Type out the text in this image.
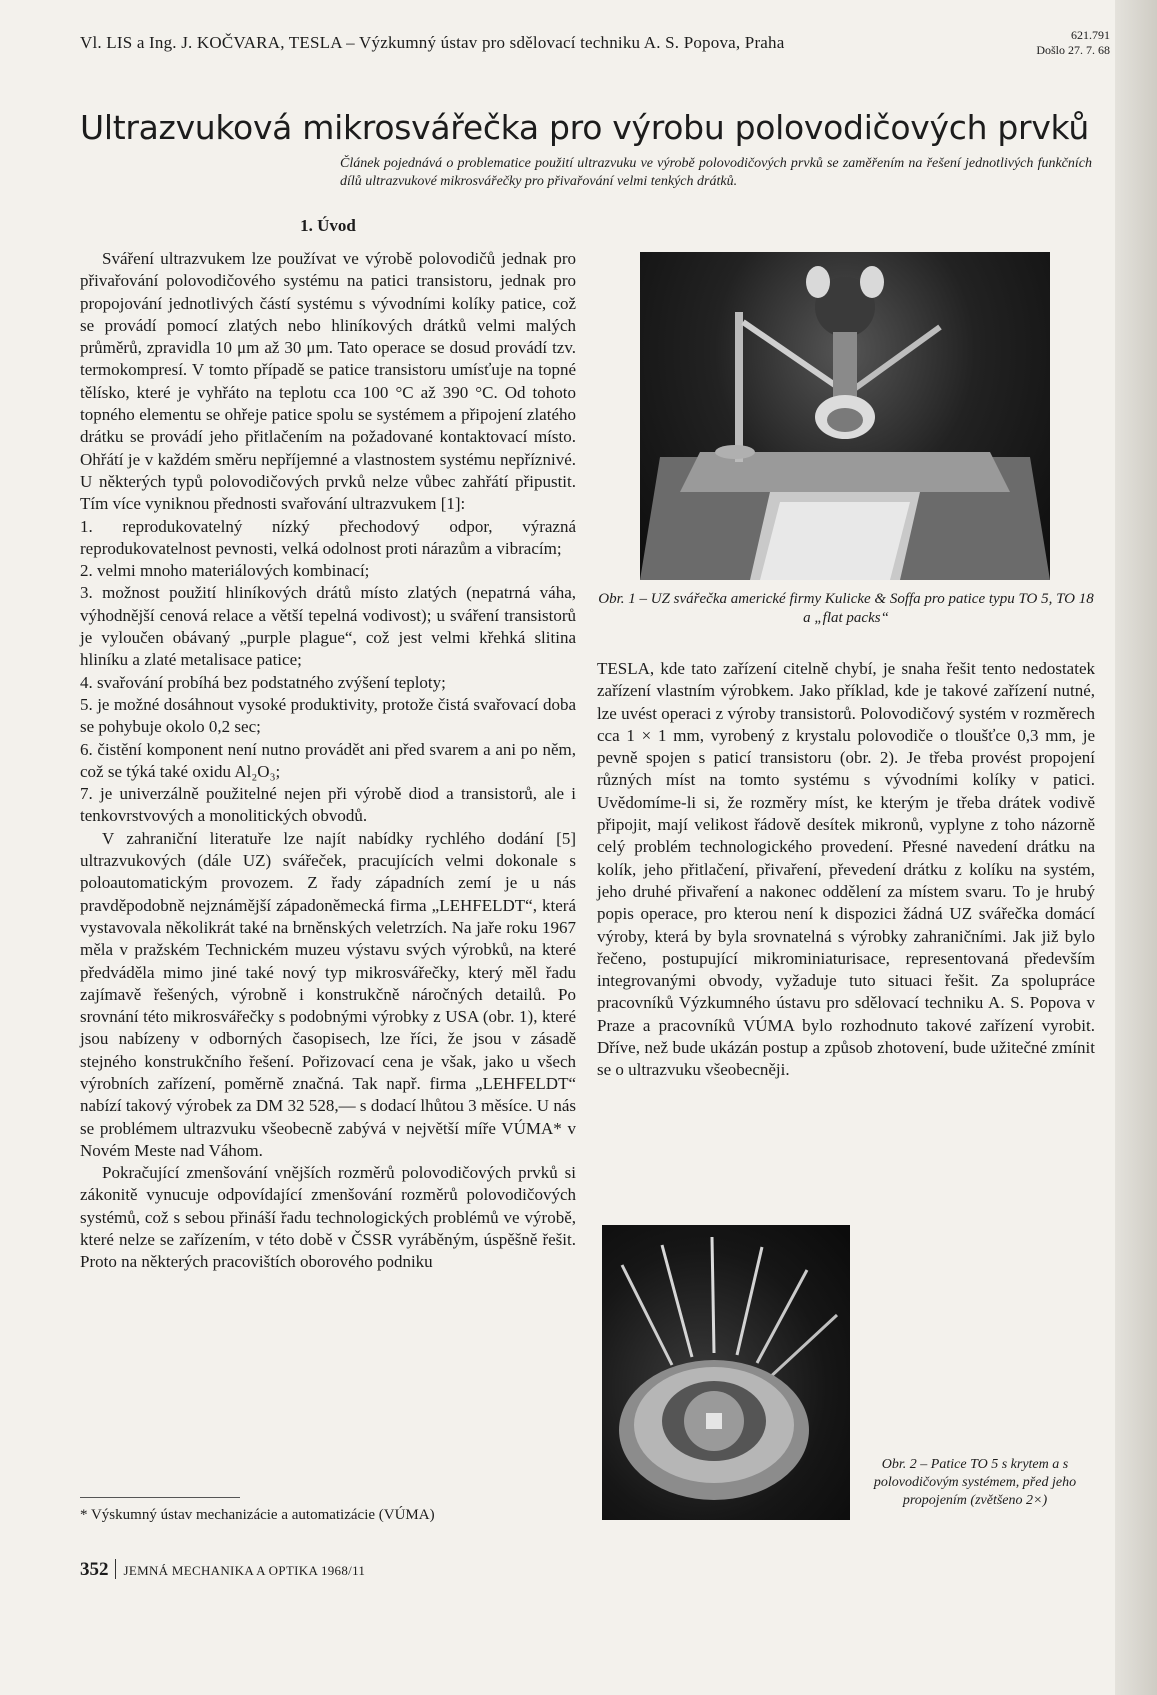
Vl. LIS a Ing. J. KOČVARA, TESLA – Výzkumný ústav pro sdělovací techniku A. S. Popova, Praha	621.791
Došlo 27. 7. 68
Ultrazvuková mikrosvářečka pro výrobu polovodičových prvků
Článek pojednává o problematice použití ultrazvuku ve výrobě polovodičových prvků se zaměřením na řešení jednotlivých funkčních dílů ultrazvukové mikrosvářečky pro přivařování velmi tenkých drátků.
1. Úvod

Sváření ultrazvukem lze používat ve výrobě polovodičů jednak pro přivařování polovodičového systému na patici transistoru, jednak pro propojování jednotlivých částí systému s vývodními kolíky patice, což se provádí pomocí zlatých nebo hliníkových drátků velmi malých průměrů, zpravidla 10 μm až 30 μm. Tato operace se dosud provádí tzv. termokompresí. V tomto případě se patice transistoru umísťuje na topné tělísko, které je vyhřáto na teplotu cca 100 °C až 390 °C. Od tohoto topného elementu se ohřeje patice spolu se systémem a připojení zlatého drátku se provádí jeho přitlačením na požadované kontaktovací místo. Ohřátí je v každém směru nepříjemné a vlastnostem systému nepříznivé. U některých typů polovodičových prvků nelze vůbec zahřátí připustit. Tím více vyniknou přednosti svařování ultrazvukem [1]:

1. reprodukovatelný nízký přechodový odpor, výrazná reprodukovatelnost pevnosti, velká odolnost proti nárazům a vibracím;

2. velmi mnoho materiálových kombinací;

3. možnost použití hliníkových drátů místo zlatých (nepatrná váha, výhodnější cenová relace a větší tepelná vodivost); u sváření transistorů je vyloučen obávaný „purple plague“, což jest velmi křehká slitina hliníku a zlaté metalisace patice;

4. svařování probíhá bez podstatného zvýšení teploty;

5. je možné dosáhnout vysoké produktivity, protože čistá svařovací doba se pohybuje okolo 0,2 sec;

6. čistění komponent není nutno provádět ani před svarem a ani po něm, což se týká také oxidu Al₂O₃;

7. je univerzálně použitelné nejen při výrobě diod a transistorů, ale i tenkovrstvových a monolitických obvodů.

V zahraniční literatuře lze najít nabídky rychlého dodání [5] ultrazvukových (dále UZ) svářeček, pracujících velmi dokonale s poloautomatickým provozem. Z řady západních zemí je u nás pravděpodobně nejznámější západoněmecká firma „LEHFELDT“, která vystavovala několikrát také na brněnských veletrzích. Na jaře roku 1967 měla v pražském Technickém muzeu výstavu svých výrobků, na které předváděla mimo jiné také nový typ mikrosvářečky, který měl řadu zajímavě řešených, výrobně i konstrukčně náročných detailů. Po srovnání této mikrosvářečky s podobnými výrobky z USA (obr. 1), které jsou nabízeny v odborných časopisech, lze říci, že jsou v zásadě stejného konstrukčního řešení. Pořizovací cena je však, jako u všech výrobních zařízení, poměrně značná. Tak např. firma „LEHFELDT“ nabízí takový výrobek za DM 32 528,— s dodací lhůtou 3 měsíce. U nás se problémem ultrazvuku všeobecně zabývá v největší míře VÚMA* v Novém Meste nad Váhom.

Pokračující zmenšování vnějších rozměrů polovodičových prvků si zákonitě vynucuje odpovídající zmenšování rozměrů polovodičových systémů, což s sebou přináší řadu technologických problémů ve výrobě, které nelze se zařízením, v této době v ČSSR vyráběným, úspěšně řešit. Proto na některých pracovištích oborového podniku

Obr. 1 – UZ svářečka americké firmy Kulicke & Soffa pro patice typu TO 5, TO 18 a „flat packs“

TESLA, kde tato zařízení citelně chybí, je snaha řešit tento nedostatek zařízení vlastním výrobkem. Jako příklad, kde je takové zařízení nutné, lze uvést operaci z výroby transistorů. Polovodičový systém v rozměrech cca 1 × 1 mm, vyrobený z krystalu polovodiče o tloušťce 0,3 mm, je pevně spojen s paticí transistoru (obr. 2). Je třeba provést propojení různých míst na tomto systému s vývodními kolíky v patici. Uvědomíme-li si, že rozměry míst, ke kterým je třeba drátek vodivě připojit, mají velikost řádově desítek mikronů, vyplyne z toho názorně celý problém technologického provedení. Přesné navedení drátku na kolík, jeho přitlačení, přivaření, převedení drátku z kolíku na systém, jeho druhé přivaření a nakonec oddělení za místem svaru. To je hrubý popis operace, pro kterou není k dispozici žádná UZ svářečka domácí výroby, která by byla srovnatelná s výrobky zahraničními. Jak již bylo řečeno, postupující mikrominiaturisace, representovaná především integrovanými obvody, vyžaduje tuto situaci řešit. Za spolupráce pracovníků Výzkumného ústavu pro sdělovací techniku A. S. Popova v Praze a pracovníků VÚMA bylo rozhodnuto takové zařízení vyrobit. Dříve, než bude ukázán postup a způsob zhotovení, bude užitečné zmínit se o ultrazvuku všeobecněji.

Obr. 2 – Patice TO 5 s krytem a s polovodičovým systémem, před jeho propojením (zvětšeno 2×)
* Výskumný ústav mechanizácie a automatizácie (VÚMA)
352 JEMNÁ MECHANIKA A OPTIKA 1968/11
